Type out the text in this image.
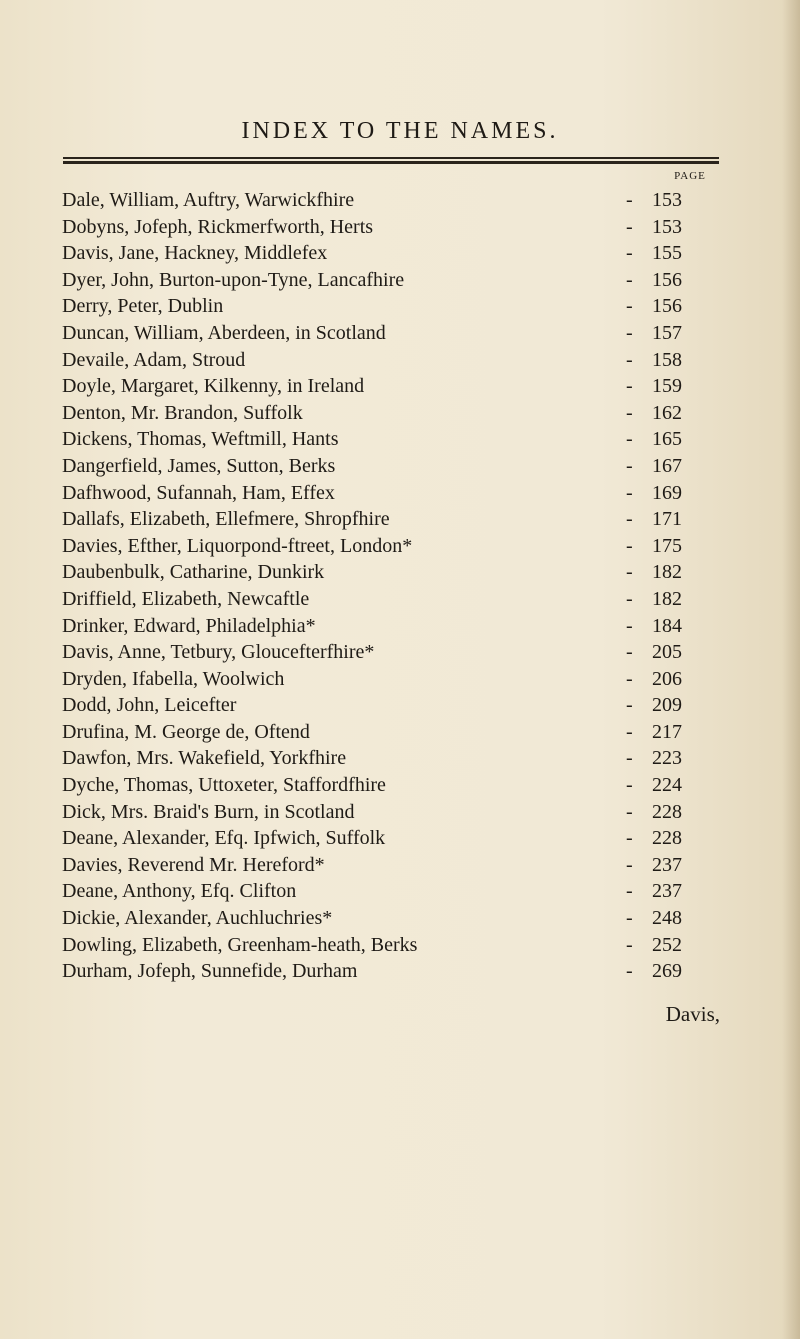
INDEX TO THE NAMES.
PAGE
Dale, William, Auftry, Warwickfhire	- 153
Dobyns, Jofeph, Rickmerfworth, Herts	- 153
Davis, Jane, Hackney, Middlefex	- 155
Dyer, John, Burton-upon-Tyne, Lancafhire	- 156
Derry, Peter, Dublin	- 156
Duncan, William, Aberdeen, in Scotland	- 157
Devaile, Adam, Stroud	- 158
Doyle, Margaret, Kilkenny, in Ireland	- 159
Denton, Mr. Brandon, Suffolk	- 162
Dickens, Thomas, Weftmill, Hants	- 165
Dangerfield, James, Sutton, Berks	- 167
Dafhwood, Sufannah, Ham, Effex	- 169
Dallafs, Elizabeth, Ellefmere, Shropfhire	- 171
Davies, Efther, Liquorpond-ftreet, London*	- 175
Daubenbulk, Catharine, Dunkirk	- 182
Driffield, Elizabeth, Newcaftle	- 182
Drinker, Edward, Philadelphia*	- 184
Davis, Anne, Tetbury, Gloucefterfhire*	- 205
Dryden, Ifabella, Woolwich	- 206
Dodd, John, Leicefter	- 209
Drufina, M. George de, Oftend	- 217
Dawfon, Mrs. Wakefield, Yorkfhire	- 223
Dyche, Thomas, Uttoxeter, Staffordfhire	- 224
Dick, Mrs. Braid's Burn, in Scotland	- 228
Deane, Alexander, Efq. Ipfwich, Suffolk	- 228
Davies, Reverend Mr. Hereford*	- 237
Deane, Anthony, Efq. Clifton	- 237
Dickie, Alexander, Auchluchries*	- 248
Dowling, Elizabeth, Greenham-heath, Berks	- 252
Durham, Jofeph, Sunnefide, Durham	- 269
Davis,
